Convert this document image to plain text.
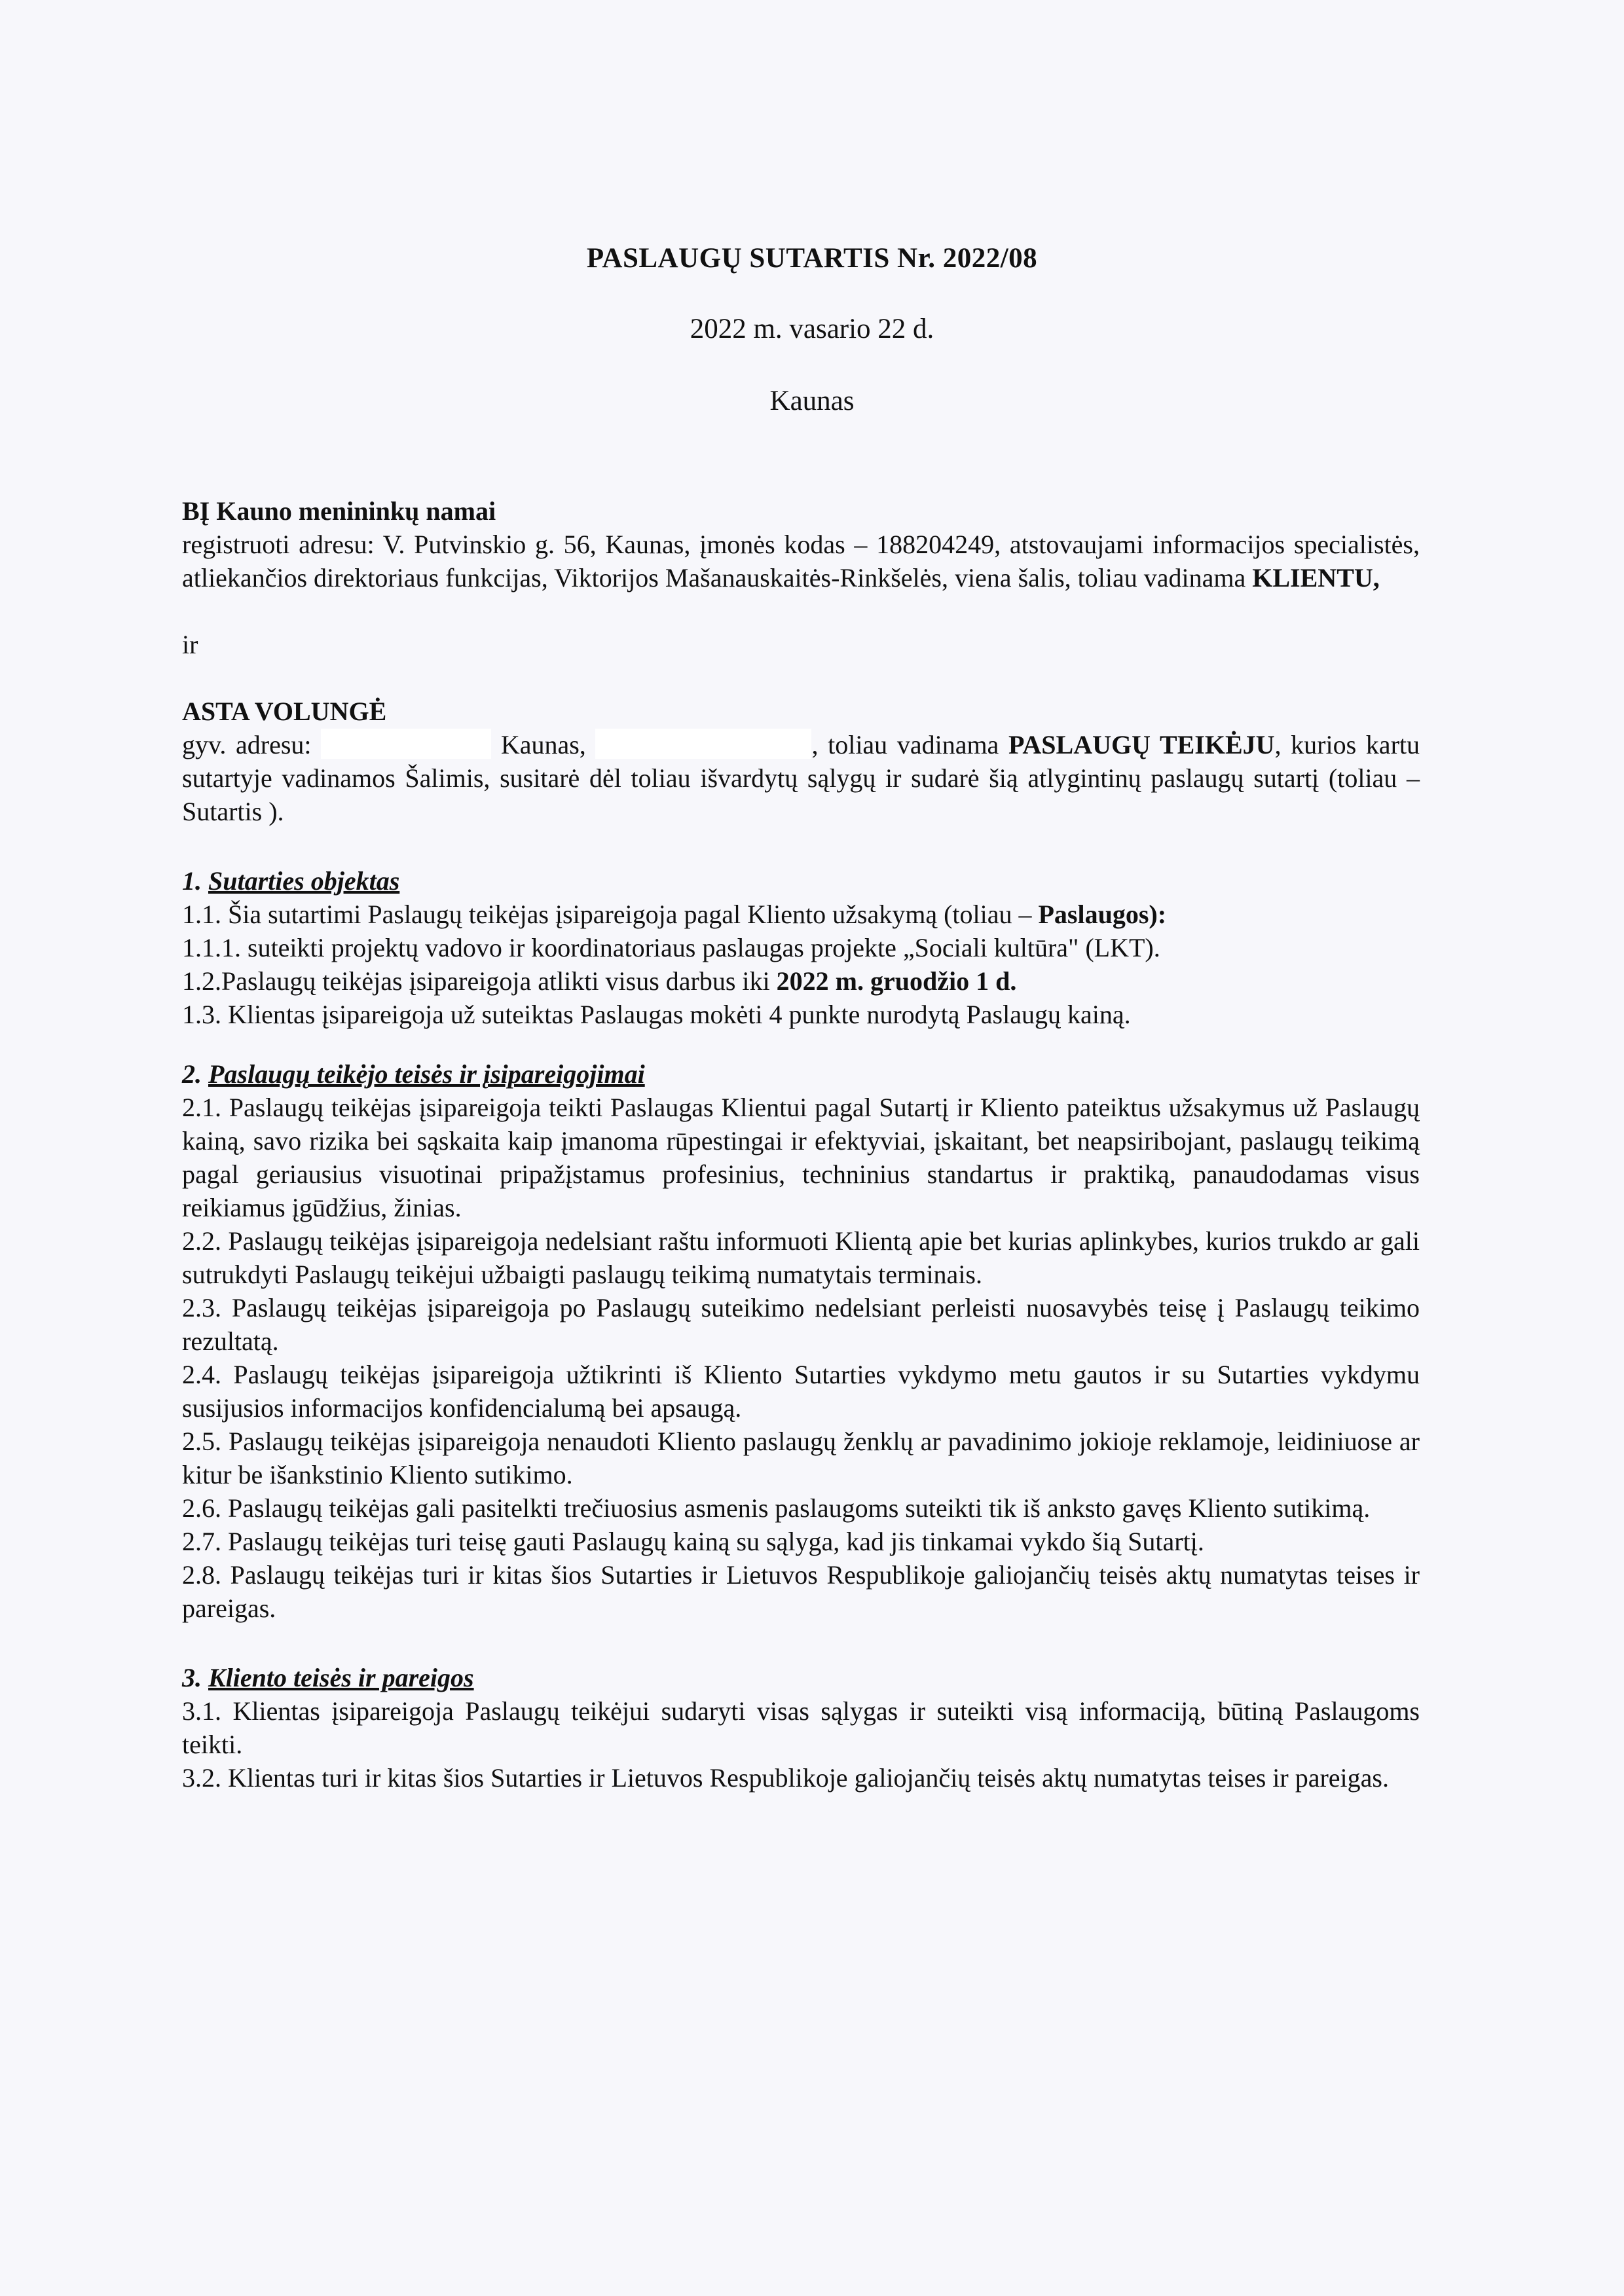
PASLAUGŲ SUTARTIS Nr. 2022/08
2022 m. vasario 22 d.
Kaunas

BĮ Kauno menininkų namai

registruoti adresu: V. Putvinskio g. 56, Kaunas, įmonės kodas – 188204249, atstovaujami informacijos specialistės, atliekančios direktoriaus funkcijas, Viktorijos Mašanauskaitės-Rinkšelės, viena šalis, toliau vadinama KLIENTU,

ir

ASTA VOLUNGĖ

gyv. adresu:	Kaunas,	, toliau vadinama PASLAUGŲ TEIKĖJU, kurios kartu sutartyje vadinamos Šalimis, susitarė dėl toliau išvardytų sąlygų ir sudarė šią atlygintinų paslaugų sutartį (toliau – Sutartis ).

1. Sutarties objektas

1.1. Šia sutartimi Paslaugų teikėjas įsipareigoja pagal Kliento užsakymą (toliau – Paslaugos):

1.1.1. suteikti projektų vadovo ir koordinatoriaus paslaugas projekte „Sociali kultūra" (LKT).

1.2.Paslaugų teikėjas įsipareigoja atlikti visus darbus iki 2022 m. gruodžio 1 d.

1.3. Klientas įsipareigoja už suteiktas Paslaugas mokėti 4 punkte nurodytą Paslaugų kainą.

2. Paslaugų teikėjo teisės ir įsipareigojimai

2.1. Paslaugų teikėjas įsipareigoja teikti Paslaugas Klientui pagal Sutartį ir Kliento pateiktus užsakymus už Paslaugų kainą, savo rizika bei sąskaita kaip įmanoma rūpestingai ir efektyviai, įskaitant, bet neapsiribojant, paslaugų teikimą pagal geriausius visuotinai pripažįstamus profesinius, techninius standartus ir praktiką, panaudodamas visus reikiamus įgūdžius, žinias.

2.2. Paslaugų teikėjas įsipareigoja nedelsiant raštu informuoti Klientą apie bet kurias aplinkybes, kurios trukdo ar gali sutrukdyti Paslaugų teikėjui užbaigti paslaugų teikimą numatytais terminais.

2.3. Paslaugų teikėjas įsipareigoja po Paslaugų suteikimo nedelsiant perleisti nuosavybės teisę į Paslaugų teikimo rezultatą.

2.4. Paslaugų teikėjas įsipareigoja užtikrinti iš Kliento Sutarties vykdymo metu gautos ir su Sutarties vykdymu susijusios informacijos konfidencialumą bei apsaugą.

2.5. Paslaugų teikėjas įsipareigoja nenaudoti Kliento paslaugų ženklų ar pavadinimo jokioje reklamoje, leidiniuose ar kitur be išankstinio Kliento sutikimo.

2.6. Paslaugų teikėjas gali pasitelkti trečiuosius asmenis paslaugoms suteikti tik iš anksto gavęs Kliento sutikimą.

2.7. Paslaugų teikėjas turi teisę gauti Paslaugų kainą su sąlyga, kad jis tinkamai vykdo šią Sutartį.

2.8. Paslaugų teikėjas turi ir kitas šios Sutarties ir Lietuvos Respublikoje galiojančių teisės aktų numatytas teises ir pareigas.

3. Kliento teisės ir pareigos

3.1. Klientas įsipareigoja Paslaugų teikėjui sudaryti visas sąlygas ir suteikti visą informaciją, būtiną Paslaugoms teikti.

3.2. Klientas turi ir kitas šios Sutarties ir Lietuvos Respublikoje galiojančių teisės aktų numatytas teises ir pareigas.
